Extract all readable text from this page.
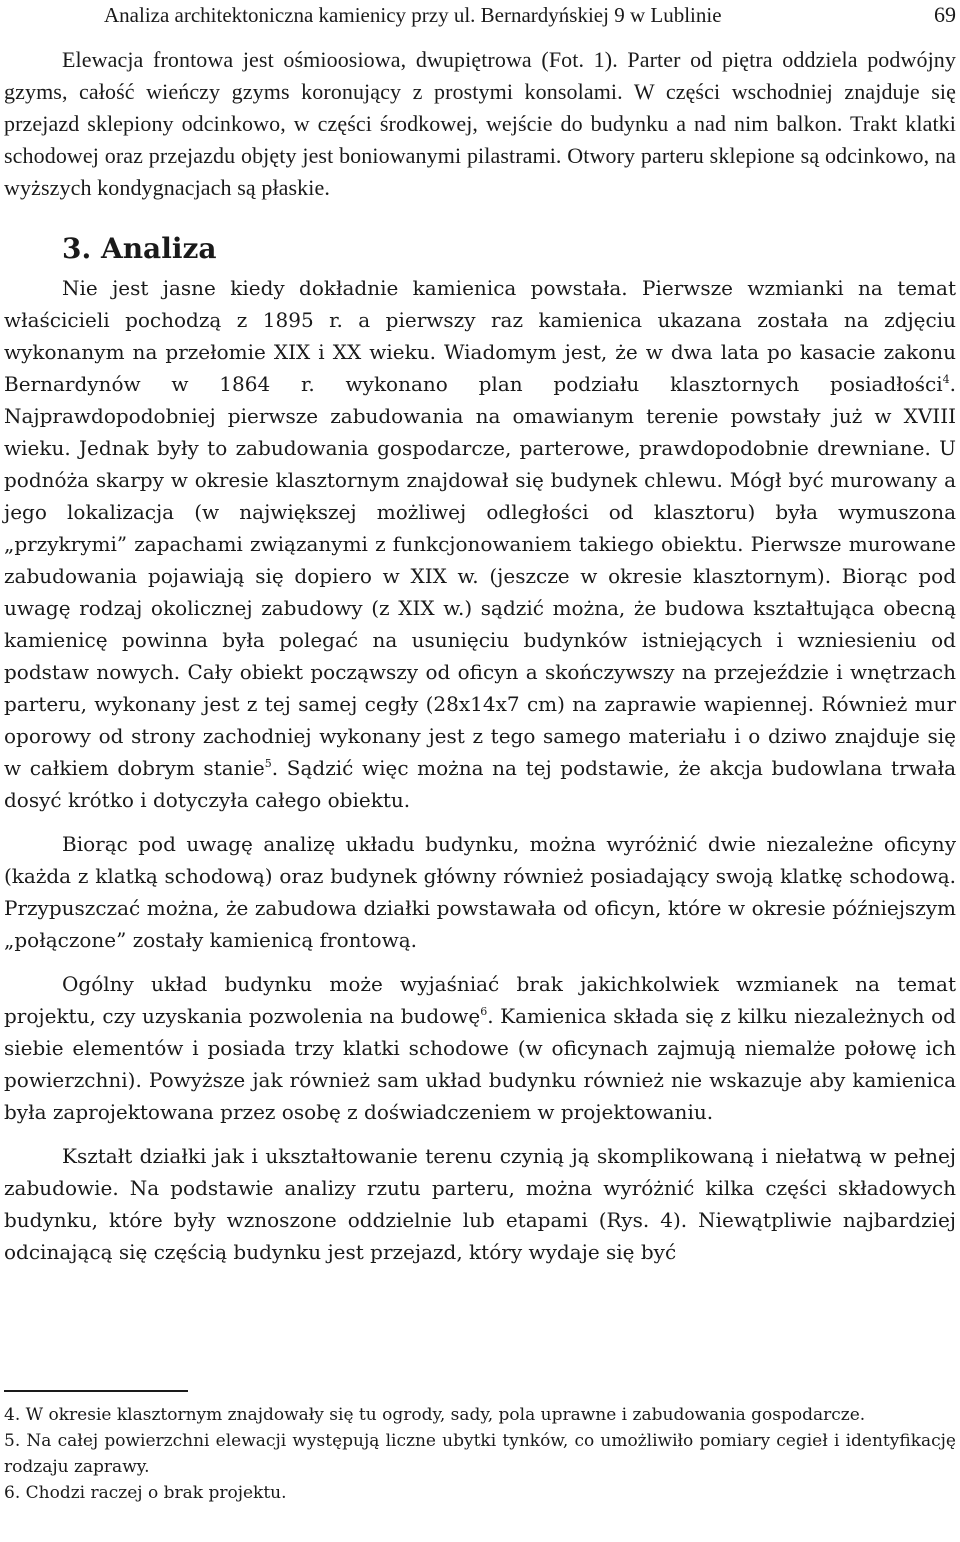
Analiza architektoniczna kamienicy przy ul. Bernardyńskiej 9 w Lublinie	69

Elewacja frontowa jest ośmioosiowa, dwupiętrowa (Fot. 1). Parter od piętra oddziela podwójny gzyms, całość wieńczy gzyms koronujący z prostymi konsolami. W części wschodniej znajduje się przejazd sklepiony odcinkowo, w części środkowej, wejście do budynku a nad nim balkon. Trakt klatki schodowej oraz przejazdu objęty jest boniowanymi pilastrami. Otwory parteru sklepione są odcinkowo, na wyższych kondygnacjach są płaskie.

3. Analiza

Nie jest jasne kiedy dokładnie kamienica powstała. Pierwsze wzmianki na temat właścicieli pochodzą z 1895 r. a pierwszy raz kamienica ukazana została na zdjęciu wykonanym na przełomie XIX i XX wieku. Wiadomym jest, że w dwa lata po kasacie zakonu Bernardynów w 1864 r. wykonano plan podziału klasztornych posiadłości$^4$. Najprawdopodobniej pierwsze zabudowania na omawianym terenie powstały już w XVIII wieku. Jednak były to zabudowania gospodarcze, parterowe, prawdopodobnie drewniane. U podnóża skarpy w okresie klasztornym znajdował się budynek chlewu. Mógł być murowany a jego lokalizacja (w największej możliwej odległości od klasztoru) była wymuszona „przykrymi” zapachami związanymi z funkcjonowaniem takiego obiektu. Pierwsze murowane zabudowania pojawiają się dopiero w XIX w. (jeszcze w okresie klasztornym). Biorąc pod uwagę rodzaj okolicznej zabudowy (z XIX w.) sądzić można, że budowa kształtująca obecną kamienicę powinna była polegać na usunięciu budynków istniejących i wzniesieniu od podstaw nowych. Cały obiekt począwszy od oficyn a skończywszy na przejeździe i wnętrzach parteru, wykonany jest z tej samej cegły (28x14x7 cm) na zaprawie wapiennej. Również mur oporowy od strony zachodniej wykonany jest z tego samego materiału i o dziwo znajduje się w całkiem dobrym stanie$^5$. Sądzić więc można na tej podstawie, że akcja budowlana trwała dosyć krótko i dotyczyła całego obiektu.

Biorąc pod uwagę analizę układu budynku, można wyróżnić dwie niezależne oficyny (każda z klatką schodową) oraz budynek główny również posiadający swoją klatkę schodową. Przypuszczać można, że zabudowa działki powstawała od oficyn, które w okresie późniejszym „połączone” zostały kamienicą frontową.

Ogólny układ budynku może wyjaśniać brak jakichkolwiek wzmianek na temat projektu, czy uzyskania pozwolenia na budowę$^6$. Kamienica składa się z kilku niezależnych od siebie elementów i posiada trzy klatki schodowe (w oficynach zajmują niemalże połowę ich powierzchni). Powyższe jak również sam układ budynku również nie wskazuje aby kamienica była zaprojektowana przez osobę z doświadczeniem w projektowaniu.

Kształt działki jak i ukształtowanie terenu czynią ją skomplikowaną i niełatwą w pełnej zabudowie. Na podstawie analizy rzutu parteru, można wyróżnić kilka części składowych budynku, które były wznoszone oddzielnie lub etapami (Rys. 4). Niewątpliwie najbardziej odcinającą się częścią budynku jest przejazd, który wydaje się być

4. W okresie klasztornym znajdowały się tu ogrody, sady, pola uprawne i zabudowania gospodarcze.

5. Na całej powierzchni elewacji występują liczne ubytki tynków, co umożliwiło pomiary cegieł i identyfikację rodzaju zaprawy.

6. Chodzi raczej o brak projektu.
